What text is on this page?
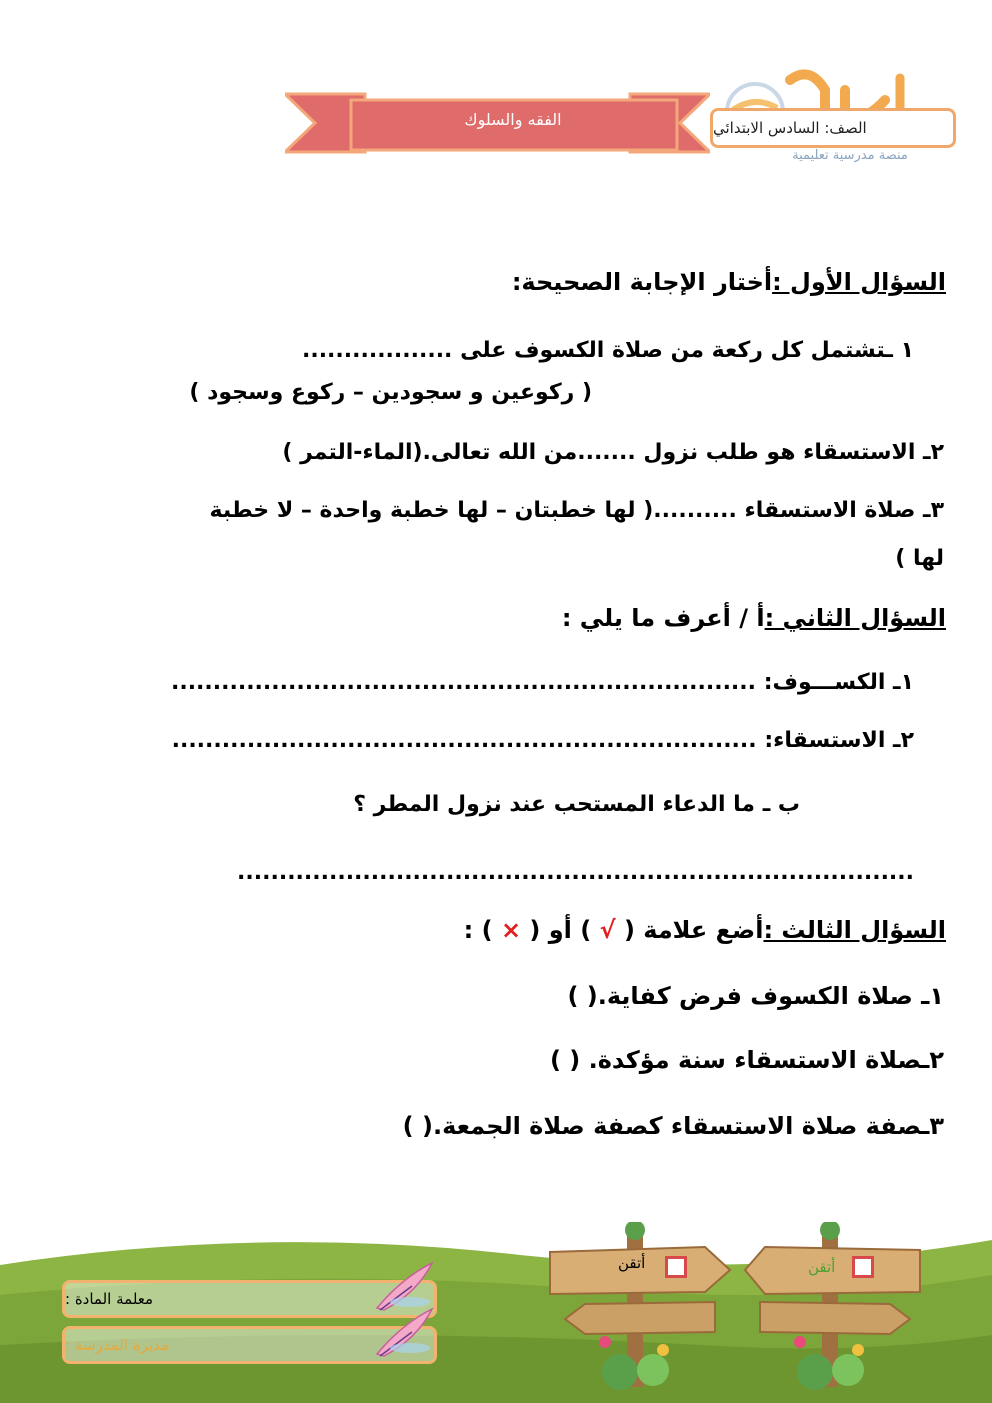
منصة مدرسية تعليمية
الصف: السادس الابتدائي
الفقه والسلوك
السؤال الأول :أختار الإجابة الصحيحة:
١ ـتشتمل كل ركعة من صلاة الكسوف على ..................
( ركوعين و سجودين – ركوع وسجود )
٢ـ الاستسقاء هو طلب نزول .......من الله تعالى.(الماء-التمر )
٣ـ صلاة الاستسقاء ..........( لها خطبتان – لها خطبة واحدة – لا خطبة
لها )
السؤال الثاني :أ / أعرف ما يلي :
١ـ الكســـوف: ......................................................................
٢ـ الاستسقاء: ......................................................................
ب ـ ما الدعاء المستحب عند نزول المطر ؟
.................................................................................
السؤال الثالث :أضع علامة ( √ ) أو ( × ) :
١ـ صلاة الكسوف فرض كفاية.( )
٢ـصلاة الاستسقاء سنة مؤكدة. ( )
٣ـصفة صلاة الاستسقاء كصفة صلاة الجمعة.( )
أتقن	أتقن
معلمة المادة :
مديرة المدرسة :
